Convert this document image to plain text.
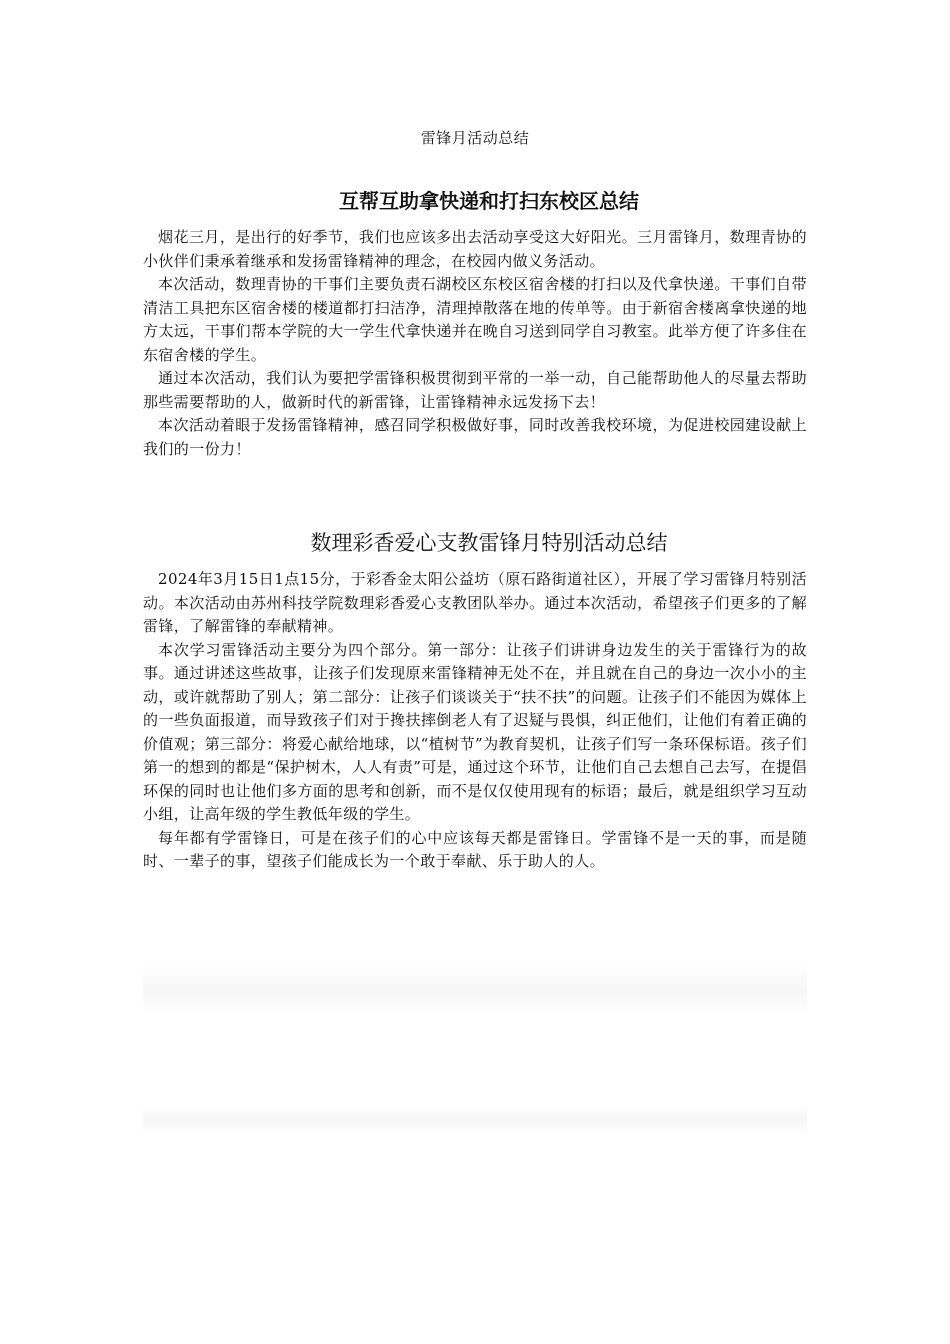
雷锋月活动总结
互帮互助拿快递和打扫东校区总结

烟花三月，是出行的好季节，我们也应该多出去活动享受这大好阳光。三月雷锋月，数理青协的小伙伴们秉承着继承和发扬雷锋精神的理念，在校园内做义务活动。

本次活动，数理青协的干事们主要负责石湖校区东校区宿舍楼的打扫以及代拿快递。干事们自带清洁工具把东区宿舍楼的楼道都打扫洁净，清理掉散落在地的传单等。由于新宿舍楼离拿快递的地方太远，干事们帮本学院的大一学生代拿快递并在晚自习送到同学自习教室。此举方便了许多住在东宿舍楼的学生。

通过本次活动，我们认为要把学雷锋积极贯彻到平常的一举一动，自己能帮助他人的尽量去帮助那些需要帮助的人，做新时代的新雷锋，让雷锋精神永远发扬下去！

本次活动着眼于发扬雷锋精神，感召同学积极做好事，同时改善我校环境，为促进校园建设献上我们的一份力！

数理彩香爱心支教雷锋月特别活动总结

2024年3月15日1点15分，于彩香金太阳公益坊（原石路街道社区），开展了学习雷锋月特别活动。本次活动由苏州科技学院数理彩香爱心支教团队举办。通过本次活动，希望孩子们更多的了解雷锋，了解雷锋的奉献精神。

本次学习雷锋活动主要分为四个部分。第一部分：让孩子们讲讲身边发生的关于雷锋行为的故事。通过讲述这些故事，让孩子们发现原来雷锋精神无处不在，并且就在自己的身边一次小小的主动，或许就帮助了别人；第二部分：让孩子们谈谈关于“扶不扶”的问题。让孩子们不能因为媒体上的一些负面报道，而导致孩子们对于搀扶摔倒老人有了迟疑与畏惧，纠正他们，让他们有着正确的价值观；第三部分：将爱心献给地球，以“植树节”为教育契机，让孩子们写一条环保标语。孩子们第一的想到的都是“保护树木，人人有责”可是，通过这个环节，让他们自己去想自己去写，在提倡环保的同时也让他们多方面的思考和创新，而不是仅仅使用现有的标语；最后，就是组织学习互动小组，让高年级的学生教低年级的学生。

每年都有学雷锋日，可是在孩子们的心中应该每天都是雷锋日。学雷锋不是一天的事，而是随时、一辈子的事，望孩子们能成长为一个敢于奉献、乐于助人的人。
